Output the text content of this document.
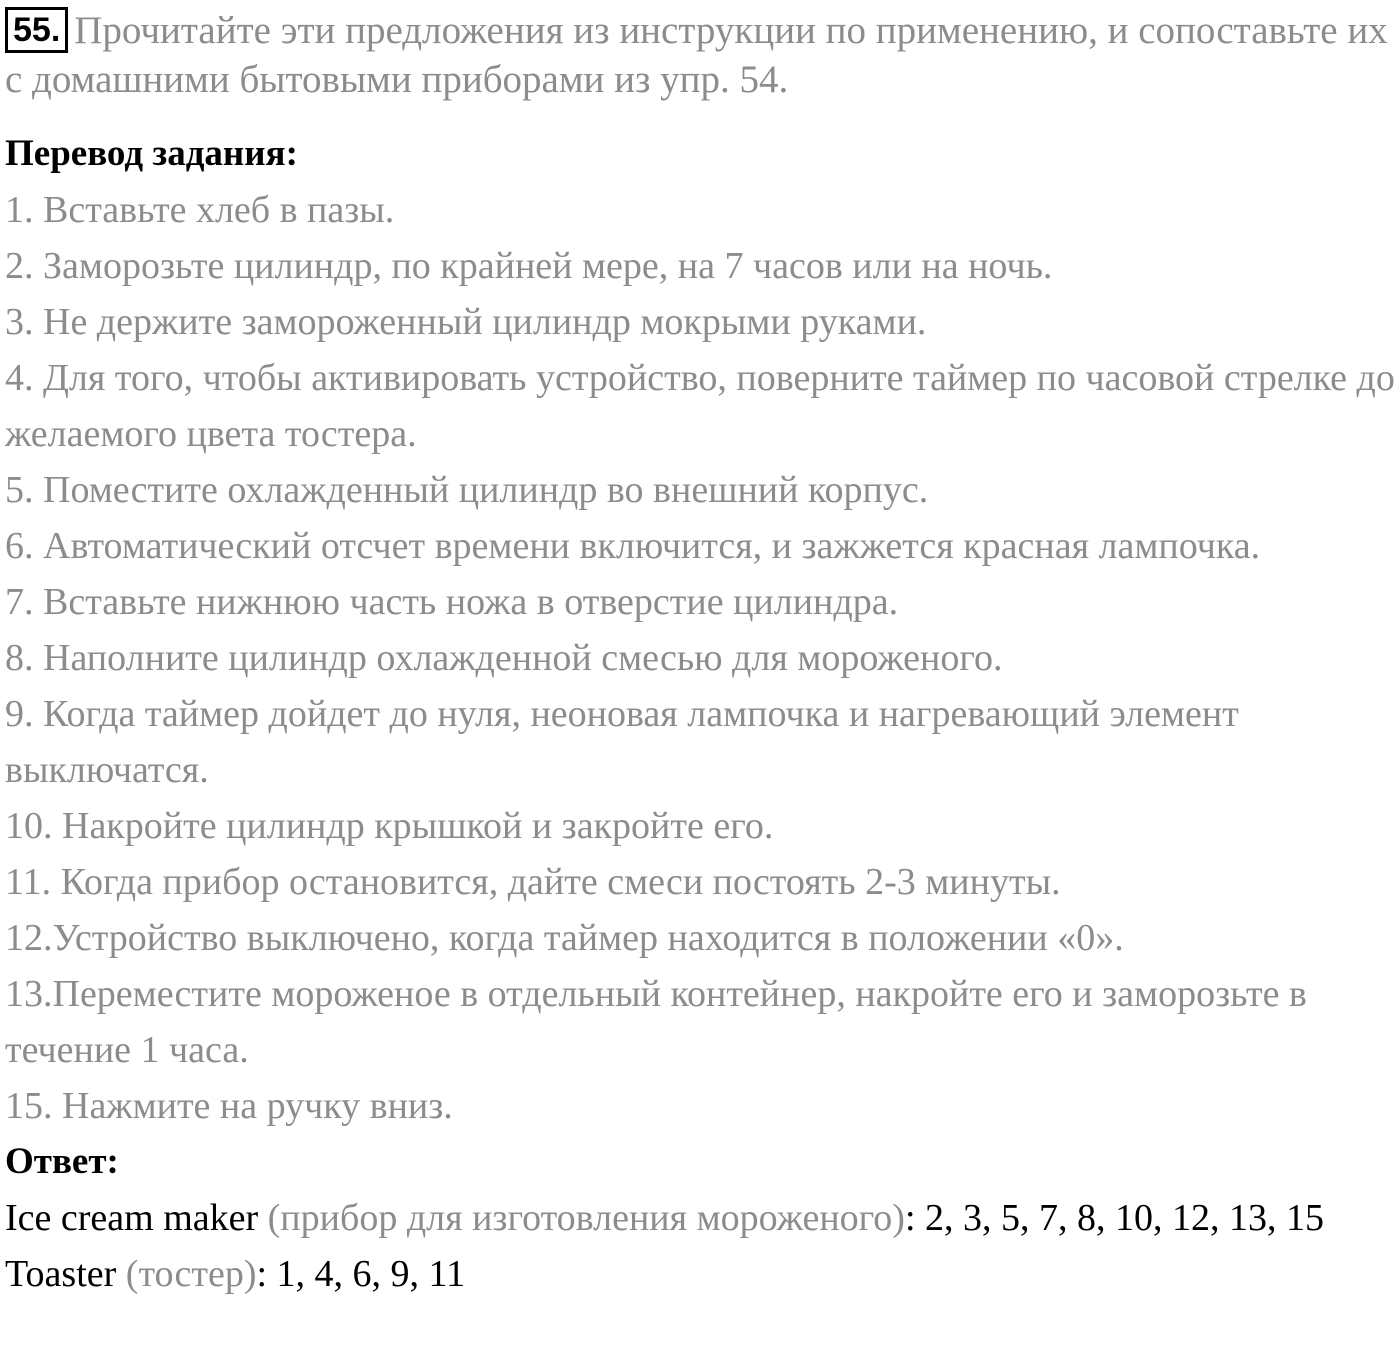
55. Прочитайте эти предложения из инструкции по применению, и сопоставьте их с домашними бытовыми приборами из упр. 54.

Перевод задания:

1. Вставьте хлеб в пазы.
2. Заморозьте цилиндр, по крайней мере, на 7 часов или на ночь.
3. Не держите замороженный цилиндр мокрыми руками.
4. Для того, чтобы активировать устройство, поверните таймер по часовой стрелке до желаемого цвета тостера.
5. Поместите охлажденный цилиндр во внешний корпус.
6. Автоматический отсчет времени включится, и зажжется красная лампочка.
7. Вставьте нижнюю часть ножа в отверстие цилиндра.
8. Наполните цилиндр охлажденной смесью для мороженого.
9. Когда таймер дойдет до нуля, неоновая лампочка и нагревающий элемент выключатся.
10. Накройте цилиндр крышкой и закройте его.
11. Когда прибор остановится, дайте смеси постоять 2-3 минуты.
12.Устройство выключено, когда таймер находится в положении «0».
13.Переместите мороженое в отдельный контейнер, накройте его и заморозьте в течение 1 часа.
15. Нажмите на ручку вниз.

Ответ:

Ice cream maker (прибор для изготовления мороженого): 2, 3, 5, 7, 8, 10, 12, 13, 15

Toaster (тостер): 1, 4, 6, 9, 11
